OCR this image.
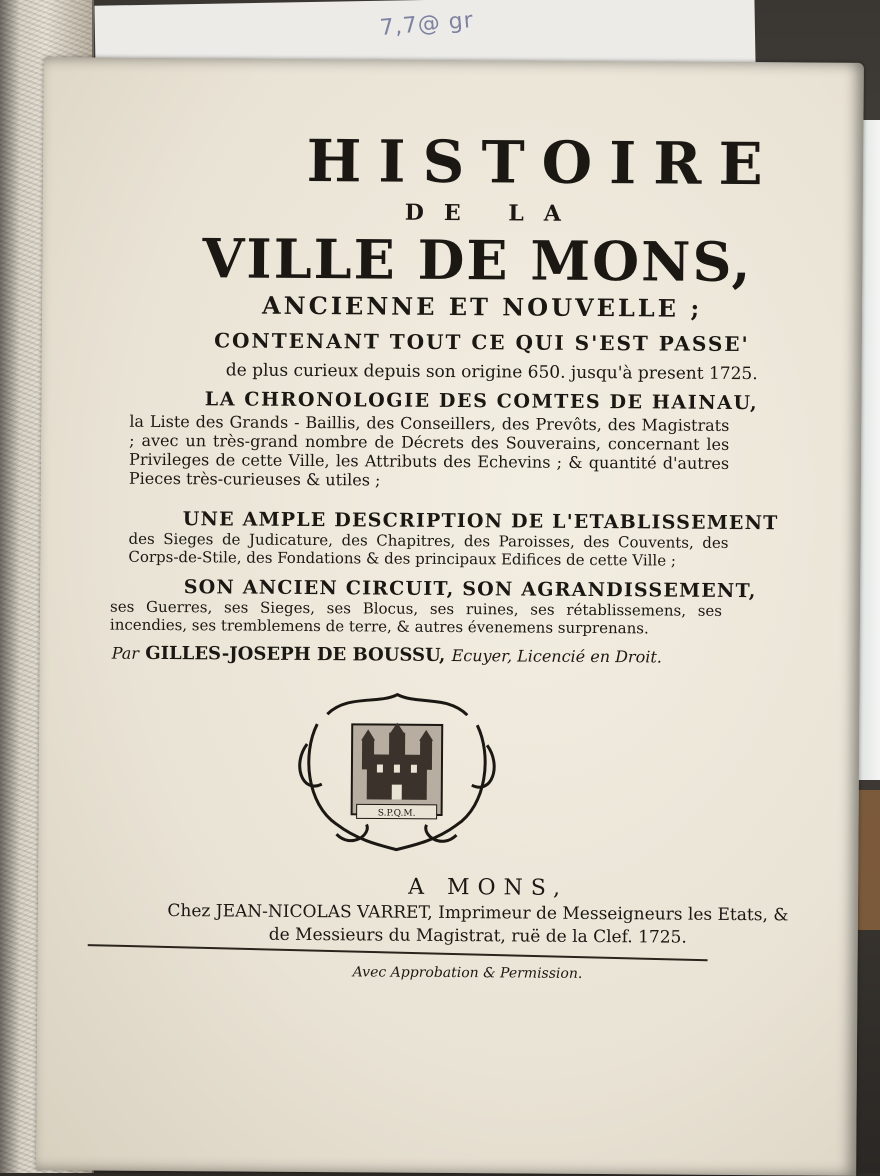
7,7@ gr
HISTOIRE
DE LA
VILLE DE MONS,
ANCIENNE ET NOUVELLE ;
CONTENANT TOUT CE QUI S'EST PASSE'
de plus curieux depuis son origine 650. jusqu'à present 1725.
LA CHRONOLOGIE DES COMTES DE HAINAU,
la Liste des Grands - Baillis, des Conseillers, des Prevôts, des Magistrats ; avec un très-grand nombre de Décrets des Souverains, concernant les Privileges de cette Ville, les Attributs des Echevins ; & quantité d'autres Pieces très-curieuses & utiles ;
UNE AMPLE DESCRIPTION DE L'ETABLISSEMENT
des Sieges de Judicature, des Chapitres, des Paroisses, des Couvents, des Corps-de-Stile, des Fondations & des principaux Edifices de cette Ville ;
SON ANCIEN CIRCUIT, SON AGRANDISSEMENT,
ses Guerres, ses Sieges, ses Blocus, ses ruines, ses rétablissemens, ses incendies, ses tremblemens de terre, & autres évenemens surprenans.
Par GILLES-JOSEPH DE BOUSSU, Ecuyer, Licencié en Droit.
S.P.Q.M.
A MONS,
Chez JEAN-NICOLAS VARRET, Imprimeur de Messeigneurs les Etats, &
de Messieurs du Magistrat, ruë de la Clef. 1725.
Avec Approbation & Permission.
